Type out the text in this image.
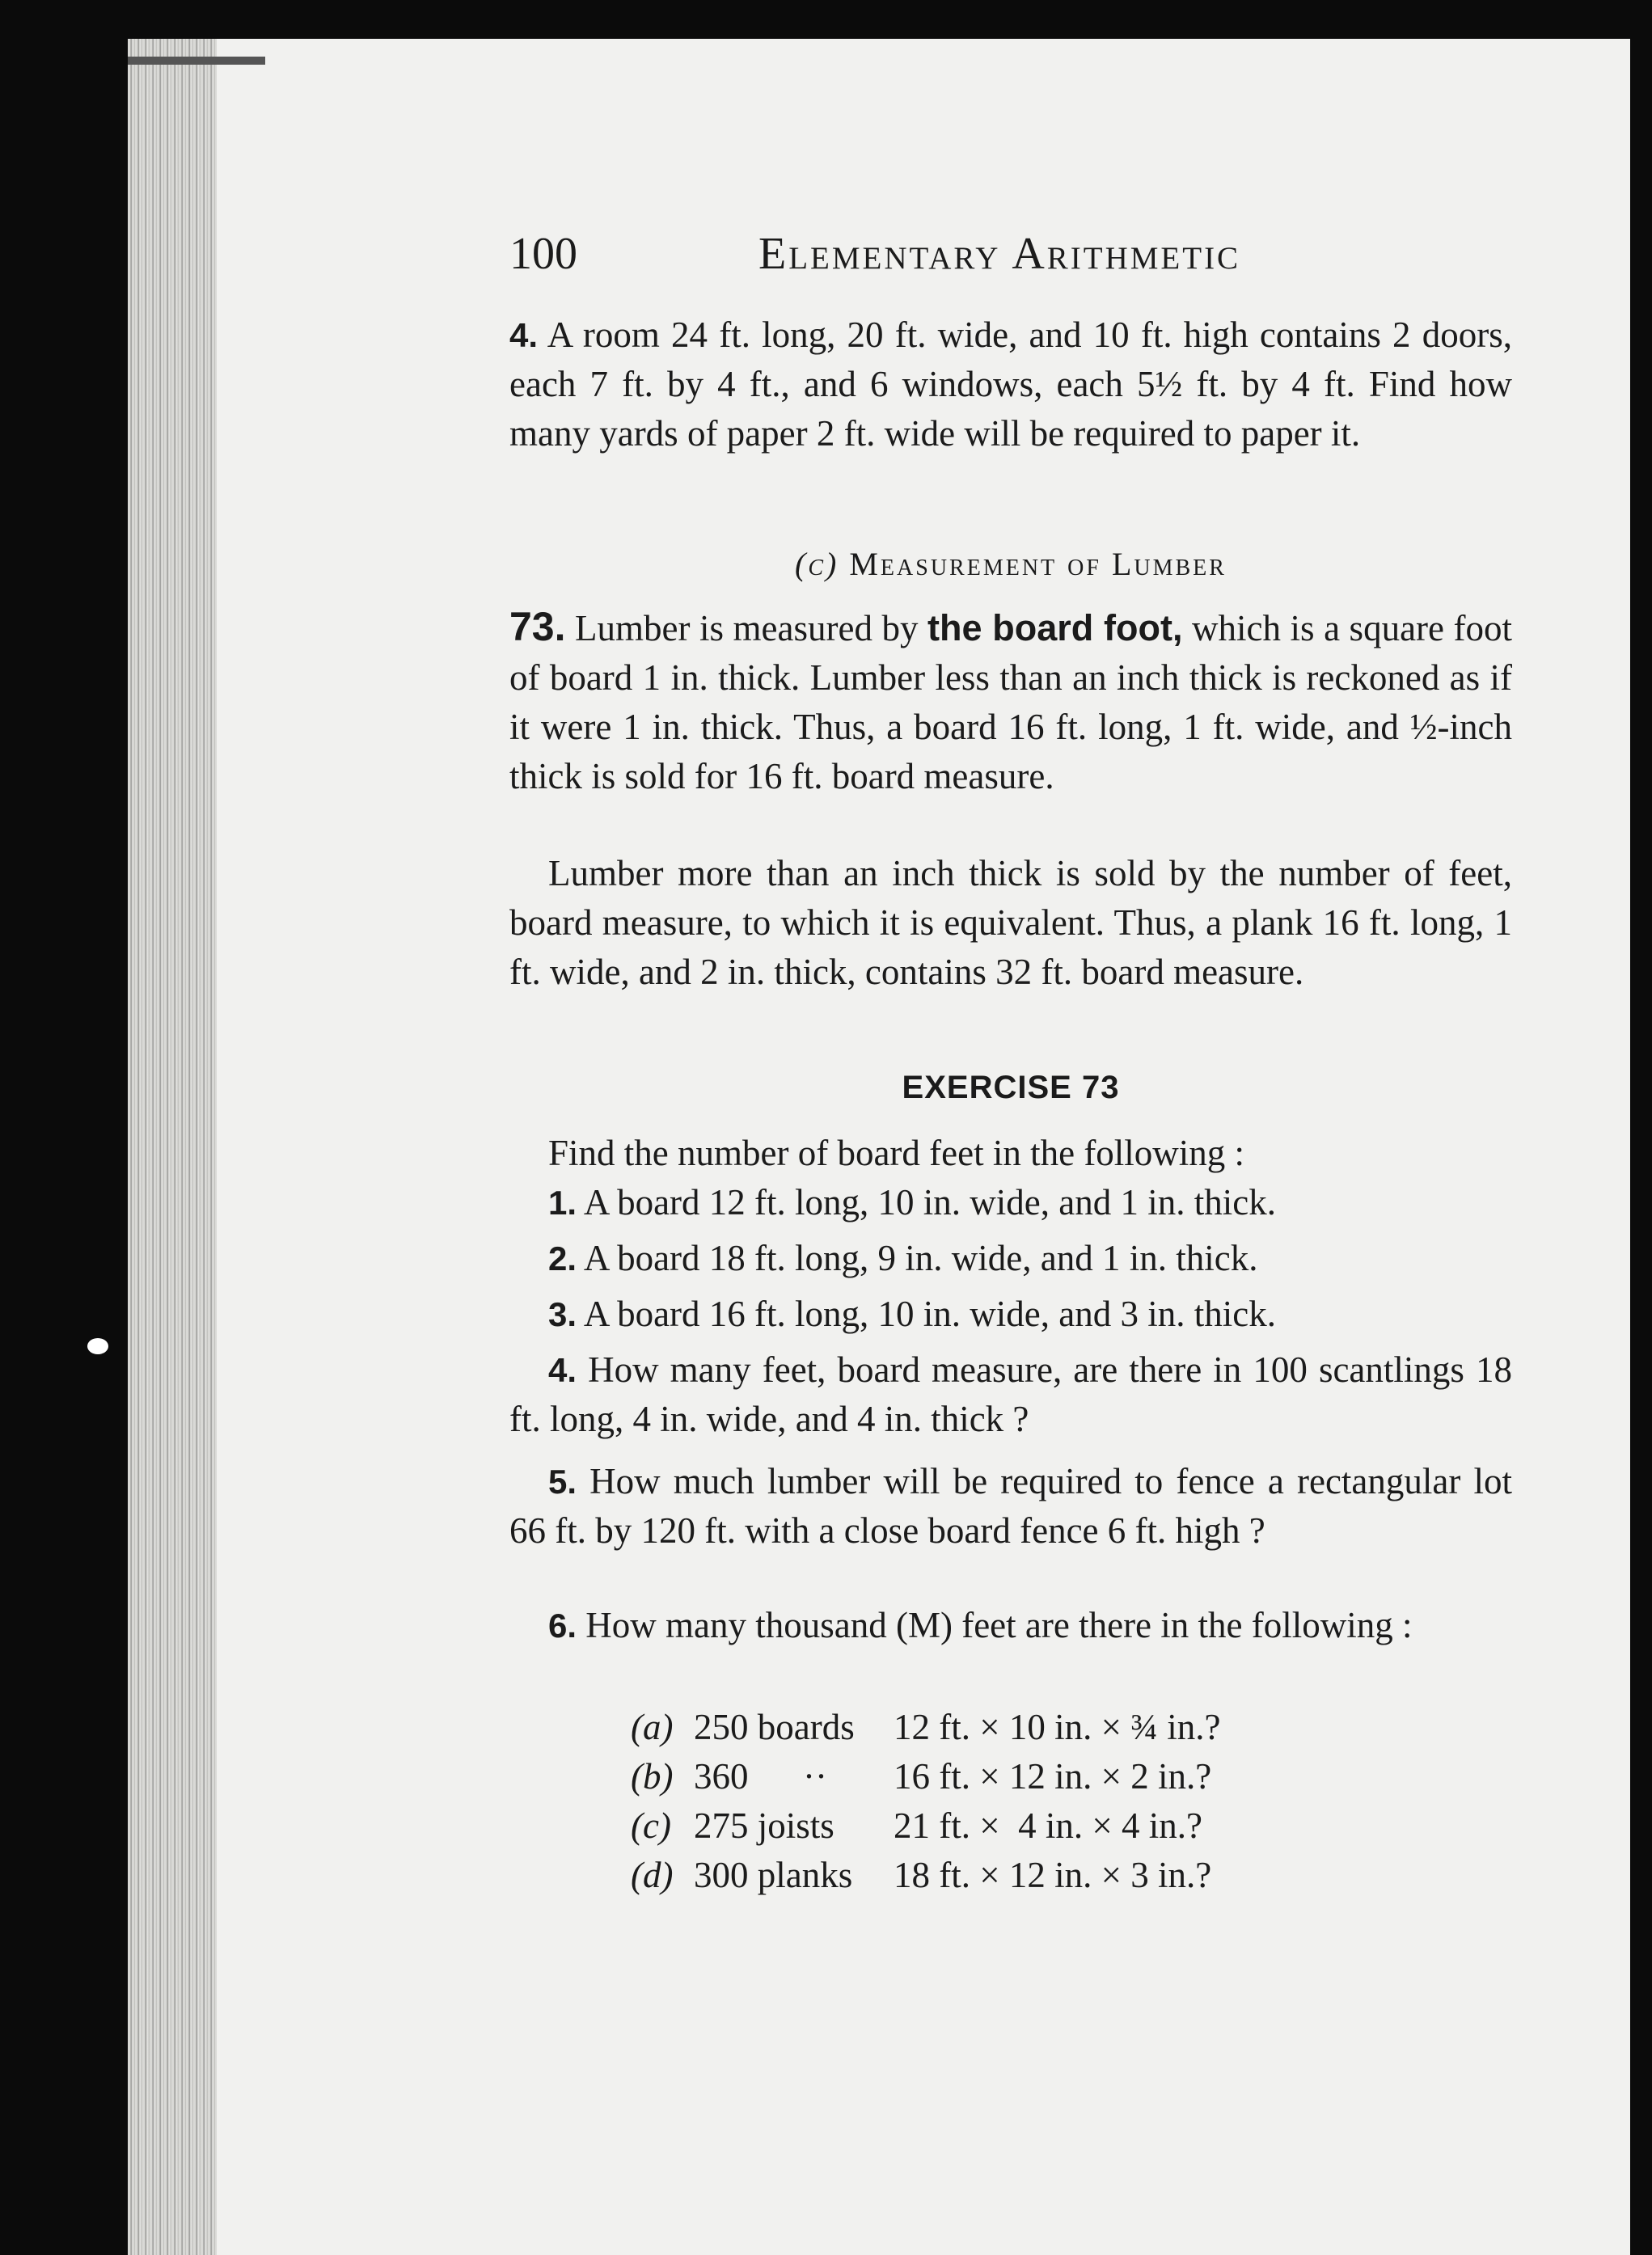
100	Elementary Arithmetic
4. A room 24 ft. long, 20 ft. wide, and 10 ft. high contains 2 doors, each 7 ft. by 4 ft., and 6 windows, each 5½ ft. by 4 ft. Find how many yards of paper 2 ft. wide will be required to paper it.
(c) Measurement of Lumber
73. Lumber is measured by the board foot, which is a square foot of board 1 in. thick. Lumber less than an inch thick is reckoned as if it were 1 in. thick. Thus, a board 16 ft. long, 1 ft. wide, and ½-inch thick is sold for 16 ft. board measure.
Lumber more than an inch thick is sold by the number of feet, board measure, to which it is equivalent. Thus, a plank 16 ft. long, 1 ft. wide, and 2 in. thick, contains 32 ft. board measure.
EXERCISE 73
Find the number of board feet in the following :
1. A board 12 ft. long, 10 in. wide, and 1 in. thick.
2. A board 18 ft. long, 9 in. wide, and 1 in. thick.
3. A board 16 ft. long, 10 in. wide, and 3 in. thick.
4. How many feet, board measure, are there in 100 scantlings 18 ft. long, 4 in. wide, and 4 in. thick ?
5. How much lumber will be required to fence a rectangular lot 66 ft. by 120 ft. with a close board fence 6 ft. high ?
6. How many thousand (M) feet are there in the following :
(a) 250 boards	12 ft. × 10 in. × ¾ in.?
(b) 360      ··	16 ft. × 12 in. × 2 in.?
(c) 275 joists	21 ft. ×  4 in. × 4 in.?
(d) 300 planks	18 ft. × 12 in. × 3 in.?
